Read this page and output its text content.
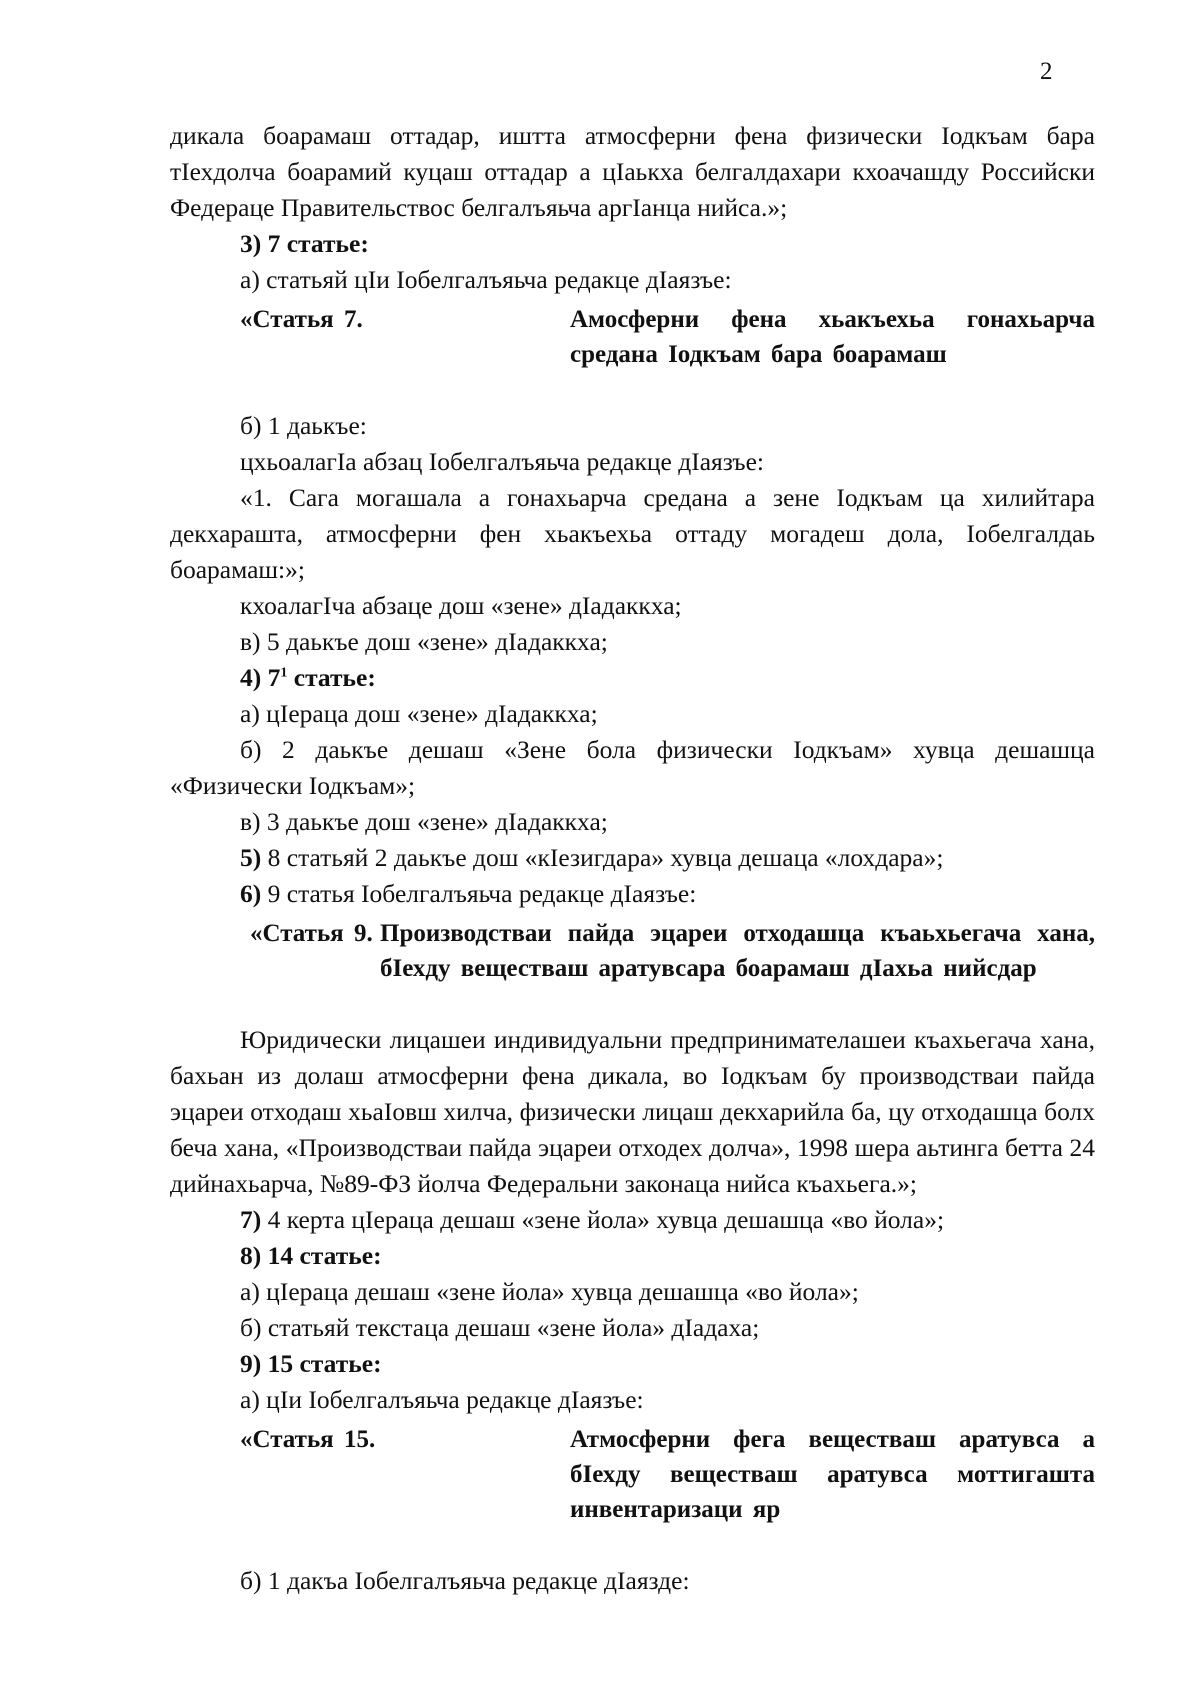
2

дикала боарамаш оттадар, иштта атмосферни фена физически Іодкъам бара тІехдолча боарамий куцаш оттадар а цІаькха белгалдахари кхоачашду Российски Федераце Правительствос белгалъяьча аргІанца нийса.»;

3) 7 статье:

а) статьяй цІи Іобелгалъяьча редакце дІаязъе:

«Статья 7.	Амосферни фена хьакъехьа гонахьарча средана Іодкъам бара боарамаш

б) 1 даькъе:

цхьоалагІа абзац Іобелгалъяьча редакце дІаязъе:

«1. Сага могашала а гонахьарча средана а зене Іодкъам ца хилийтара декхараштa, атмосферни фен хьакъехьа оттаду могадеш дола, Іобелгалдаь боарамаш:»;

кхоалагІча абзаце дош «зене» дІадаккха;

в) 5 даькъе дош «зене» дІадаккха;

4) $7^1$ статье:

а) цІераца дош «зене» дІадаккха;

б) 2 даькъе дешаш «Зене бола физически Іодкъам» хувца дешашца «Физически Іодкъам»;

в) 3 даькъе дош «зене» дІадаккха;

5) 8 статьяй 2 даькъе дош «кІезигдара» хувца дешаца «лохдара»;

6) 9 статья Іобелгалъяьча редакце дІаязъе:

«Статья 9. Производстваи пайда эцареи отходашца къаьхьегача хана, бІехду веществаш аратувсара боарамаш дІахьа нийсдар

Юридически лицашеи индивидуальни предпринимателашеи къахьегача хана, бахьан из долаш атмосферни фена дикала, во Іодкъам бу производстваи пайда эцареи отходаш хьаІовш хилча, физически лицаш декхарийла ба, цу отходашца болх беча хана, «Производстваи пайда эцареи отходех долча», 1998 шера аьтинга бетта 24 дийнахьарча, №89-ФЗ йолча Федеральни законаца нийса къахьега.»;

7) 4 керта цІераца дешаш «зене йола» хувца дешашца «во йола»;

8) 14 статье:

а) цІераца дешаш «зене йола» хувца дешашца «во йола»;

б) статьяй текстаца дешаш «зене йола» дІадаха;

9) 15 статье:

а) цІи Іобелгалъяьча редакце дІаязъе:

«Статья 15.	Атмосферни фега веществаш аратувса а бІехду веществаш аратувса моттигашта инвентаризаци яр

б) 1 дакъа Іобелгалъяьча редакце дІаязде:
